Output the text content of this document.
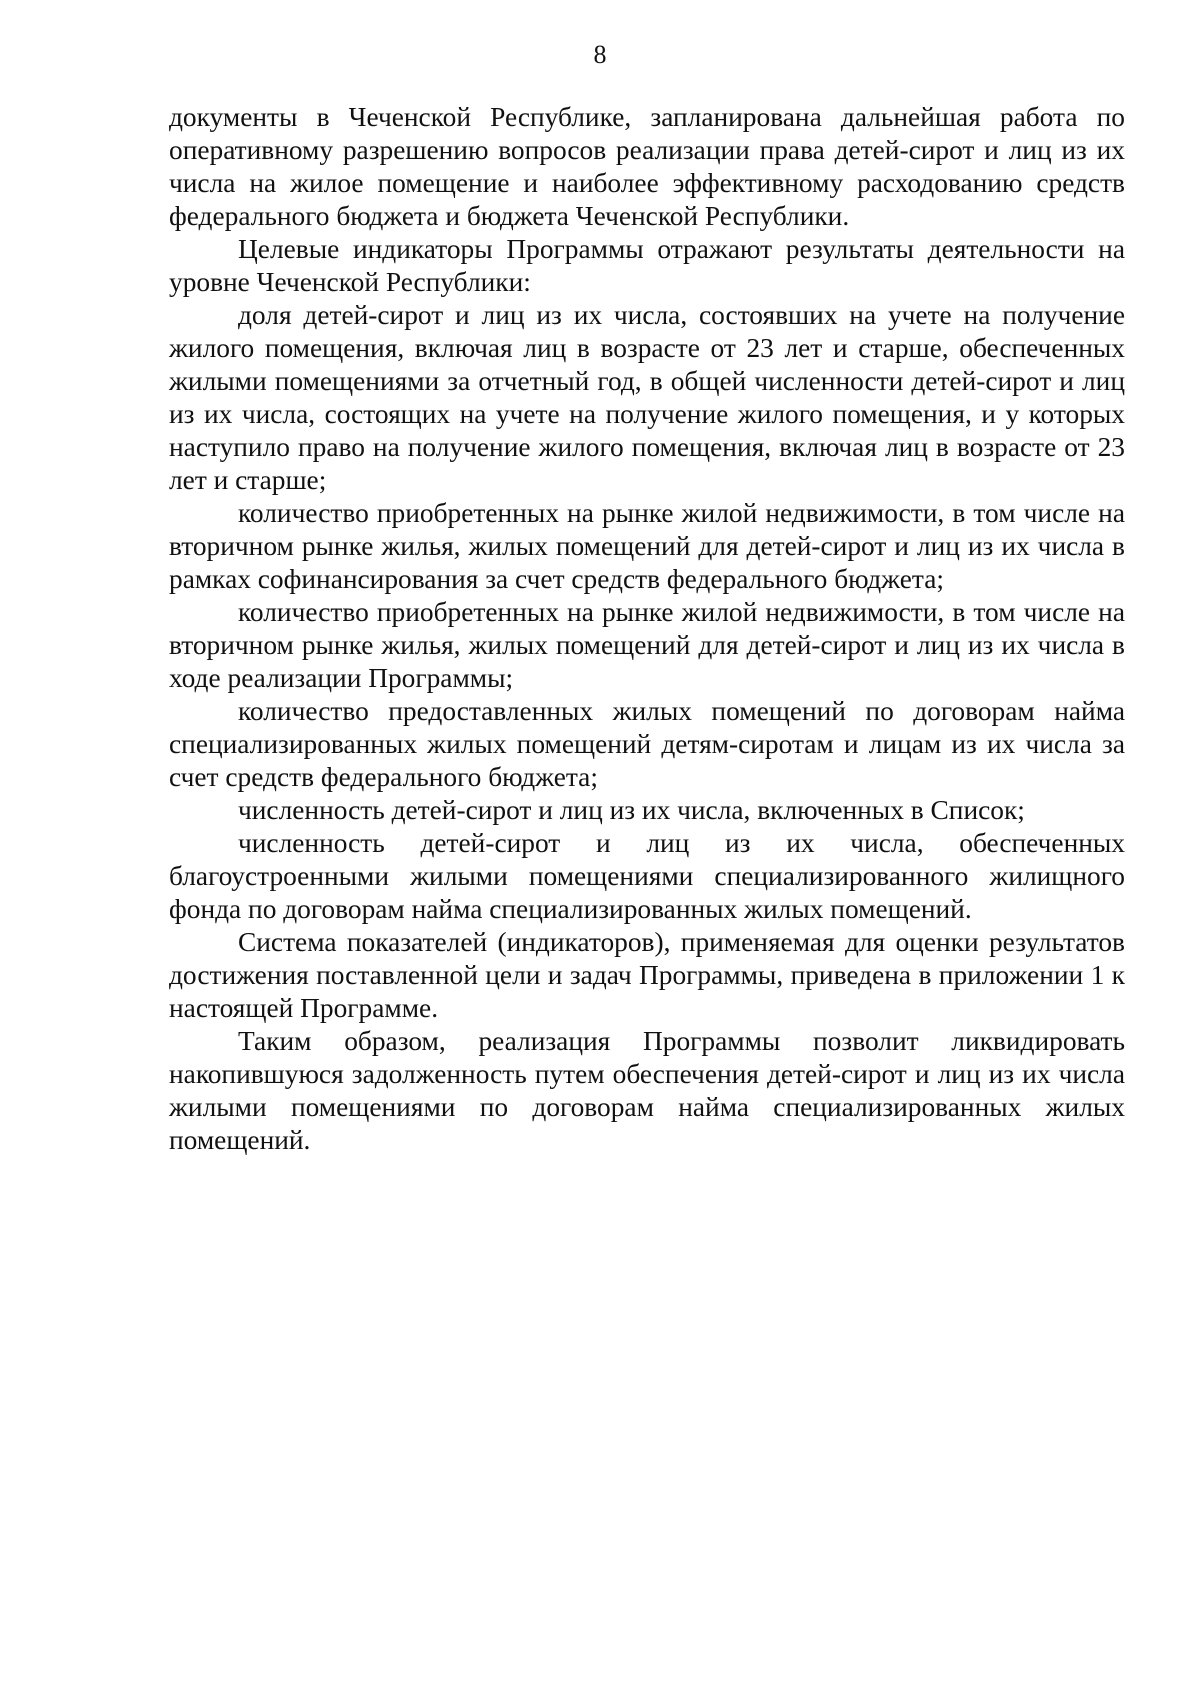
8

документы в Чеченской Республике, запланирована дальнейшая работа по оперативному разрешению вопросов реализации права детей-сирот и лиц из их числа на жилое помещение и наиболее эффективному расходованию средств федерального бюджета и бюджета Чеченской Республики.

Целевые индикаторы Программы отражают результаты деятельности на уровне Чеченской Республики:

доля детей-сирот и лиц из их числа, состоявших на учете на получение жилого помещения, включая лиц в возрасте от 23 лет и старше, обеспеченных жилыми помещениями за отчетный год, в общей численности детей-сирот и лиц из их числа, состоящих на учете на получение жилого помещения, и у которых наступило право на получение жилого помещения, включая лиц в возрасте от 23 лет и старше;

количество приобретенных на рынке жилой недвижимости, в том числе на вторичном рынке жилья, жилых помещений для детей-сирот и лиц из их числа в рамках софинансирования за счет средств федерального бюджета;

количество приобретенных на рынке жилой недвижимости, в том числе на вторичном рынке жилья, жилых помещений для детей-сирот и лиц из их числа в ходе реализации Программы;

количество предоставленных жилых помещений по договорам найма специализированных жилых помещений детям-сиротам и лицам из их числа за счет средств федерального бюджета;

численность детей-сирот и лиц из их числа, включенных в Список;

численность детей-сирот и лиц из их числа, обеспеченных благоустроенными жилыми помещениями специализированного жилищного фонда по договорам найма специализированных жилых помещений.

Система показателей (индикаторов), применяемая для оценки результатов достижения поставленной цели и задач Программы, приведена в приложении 1 к настоящей Программе.

Таким образом, реализация Программы позволит ликвидировать накопившуюся задолженность путем обеспечения детей-сирот и лиц из их числа жилыми помещениями по договорам найма специализированных жилых помещений.
